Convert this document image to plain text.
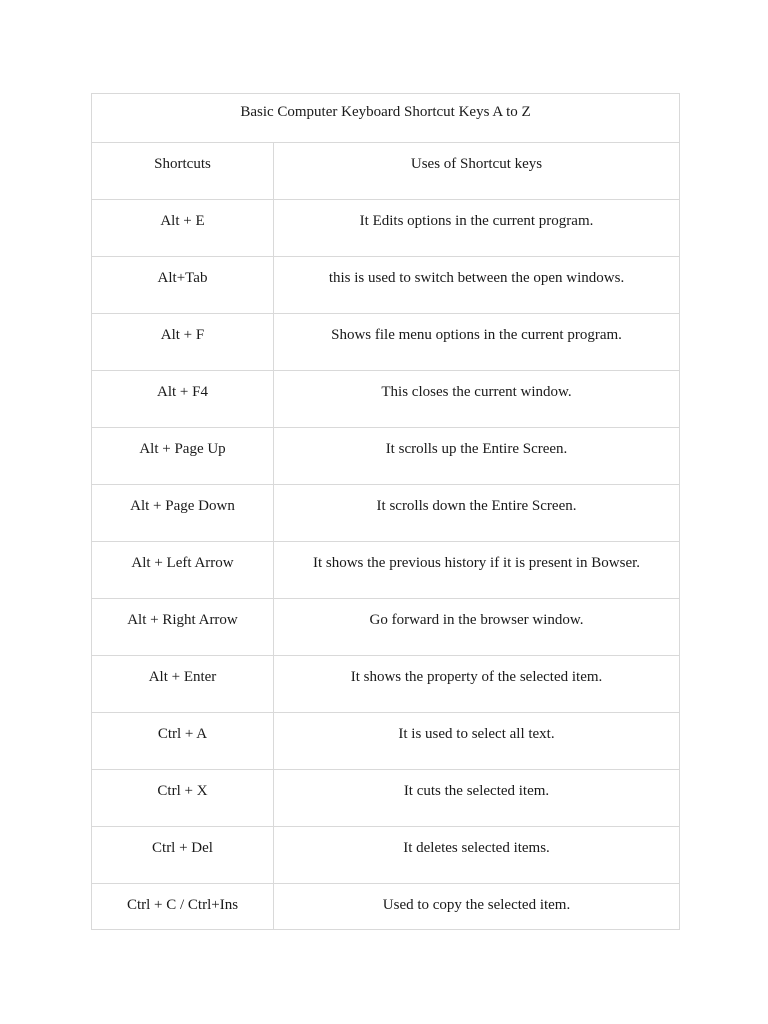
Basic Computer Keyboard Shortcut Keys A to Z	
Shortcuts	Uses of Shortcut keys
Alt + E	It Edits options in the current program.
Alt+Tab	this is used to switch between the open windows.
Alt + F	Shows file menu options in the current program.
Alt + F4	This closes the current window.
Alt + Page Up	It scrolls up the Entire Screen.
Alt + Page Down	It scrolls down the Entire Screen.
Alt + Left Arrow	It shows the previous history if it is present in Bowser.
Alt + Right Arrow	Go forward in the browser window.
Alt + Enter	It shows the property of the selected item.
Ctrl + A	It is used to select all text.
Ctrl + X	It cuts the selected item.
Ctrl + Del	It deletes selected items.
Ctrl + C / Ctrl+Ins	Used to copy the selected item.
